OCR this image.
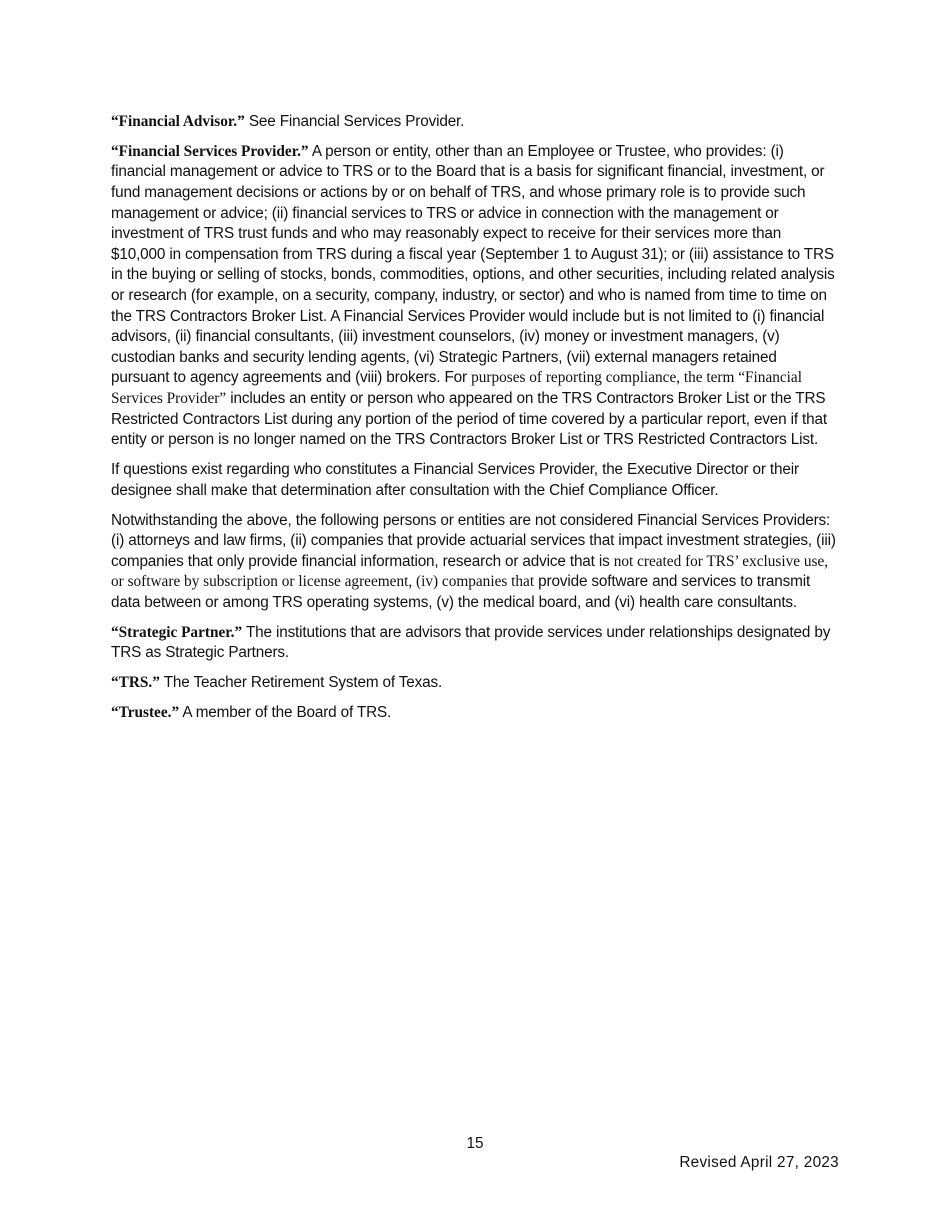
“Financial Advisor.” See Financial Services Provider.

“Financial Services Provider.” A person or entity, other than an Employee or Trustee, who provides: (i) financial management or advice to TRS or to the Board that is a basis for significant financial, investment, or fund management decisions or actions by or on behalf of TRS, and whose primary role is to provide such management or advice; (ii) financial services to TRS or advice in connection with the management or investment of TRS trust funds and who may reasonably expect to receive for their services more than $10,000 in compensation from TRS during a fiscal year (September 1 to August 31); or (iii) assistance to TRS in the buying or selling of stocks, bonds, commodities, options, and other securities, including related analysis or research (for example, on a security, company, industry, or sector) and who is named from time to time on the TRS Contractors Broker List. A Financial Services Provider would include but is not limited to (i) financial advisors, (ii) financial consultants, (iii) investment counselors, (iv) money or investment managers, (v) custodian banks and security lending agents, (vi) Strategic Partners, (vii) external managers retained pursuant to agency agreements and (viii) brokers. For purposes of reporting compliance, the term “Financial Services Provider” includes an entity or person who appeared on the TRS Contractors Broker List or the TRS Restricted Contractors List during any portion of the period of time covered by a particular report, even if that entity or person is no longer named on the TRS Contractors Broker List or TRS Restricted Contractors List.

If questions exist regarding who constitutes a Financial Services Provider, the Executive Director or their designee shall make that determination after consultation with the Chief Compliance Officer.

Notwithstanding the above, the following persons or entities are not considered Financial Services Providers: (i) attorneys and law firms, (ii) companies that provide actuarial services that impact investment strategies, (iii) companies that only provide financial information, research or advice that is not created for TRS’ exclusive use, or software by subscription or license agreement, (iv) companies that provide software and services to transmit data between or among TRS operating systems, (v) the medical board, and (vi) health care consultants.

“Strategic Partner.” The institutions that are advisors that provide services under relationships designated by TRS as Strategic Partners.

“TRS.” The Teacher Retirement System of Texas.

“Trustee.” A member of the Board of TRS.

15
Revised April 27, 2023
